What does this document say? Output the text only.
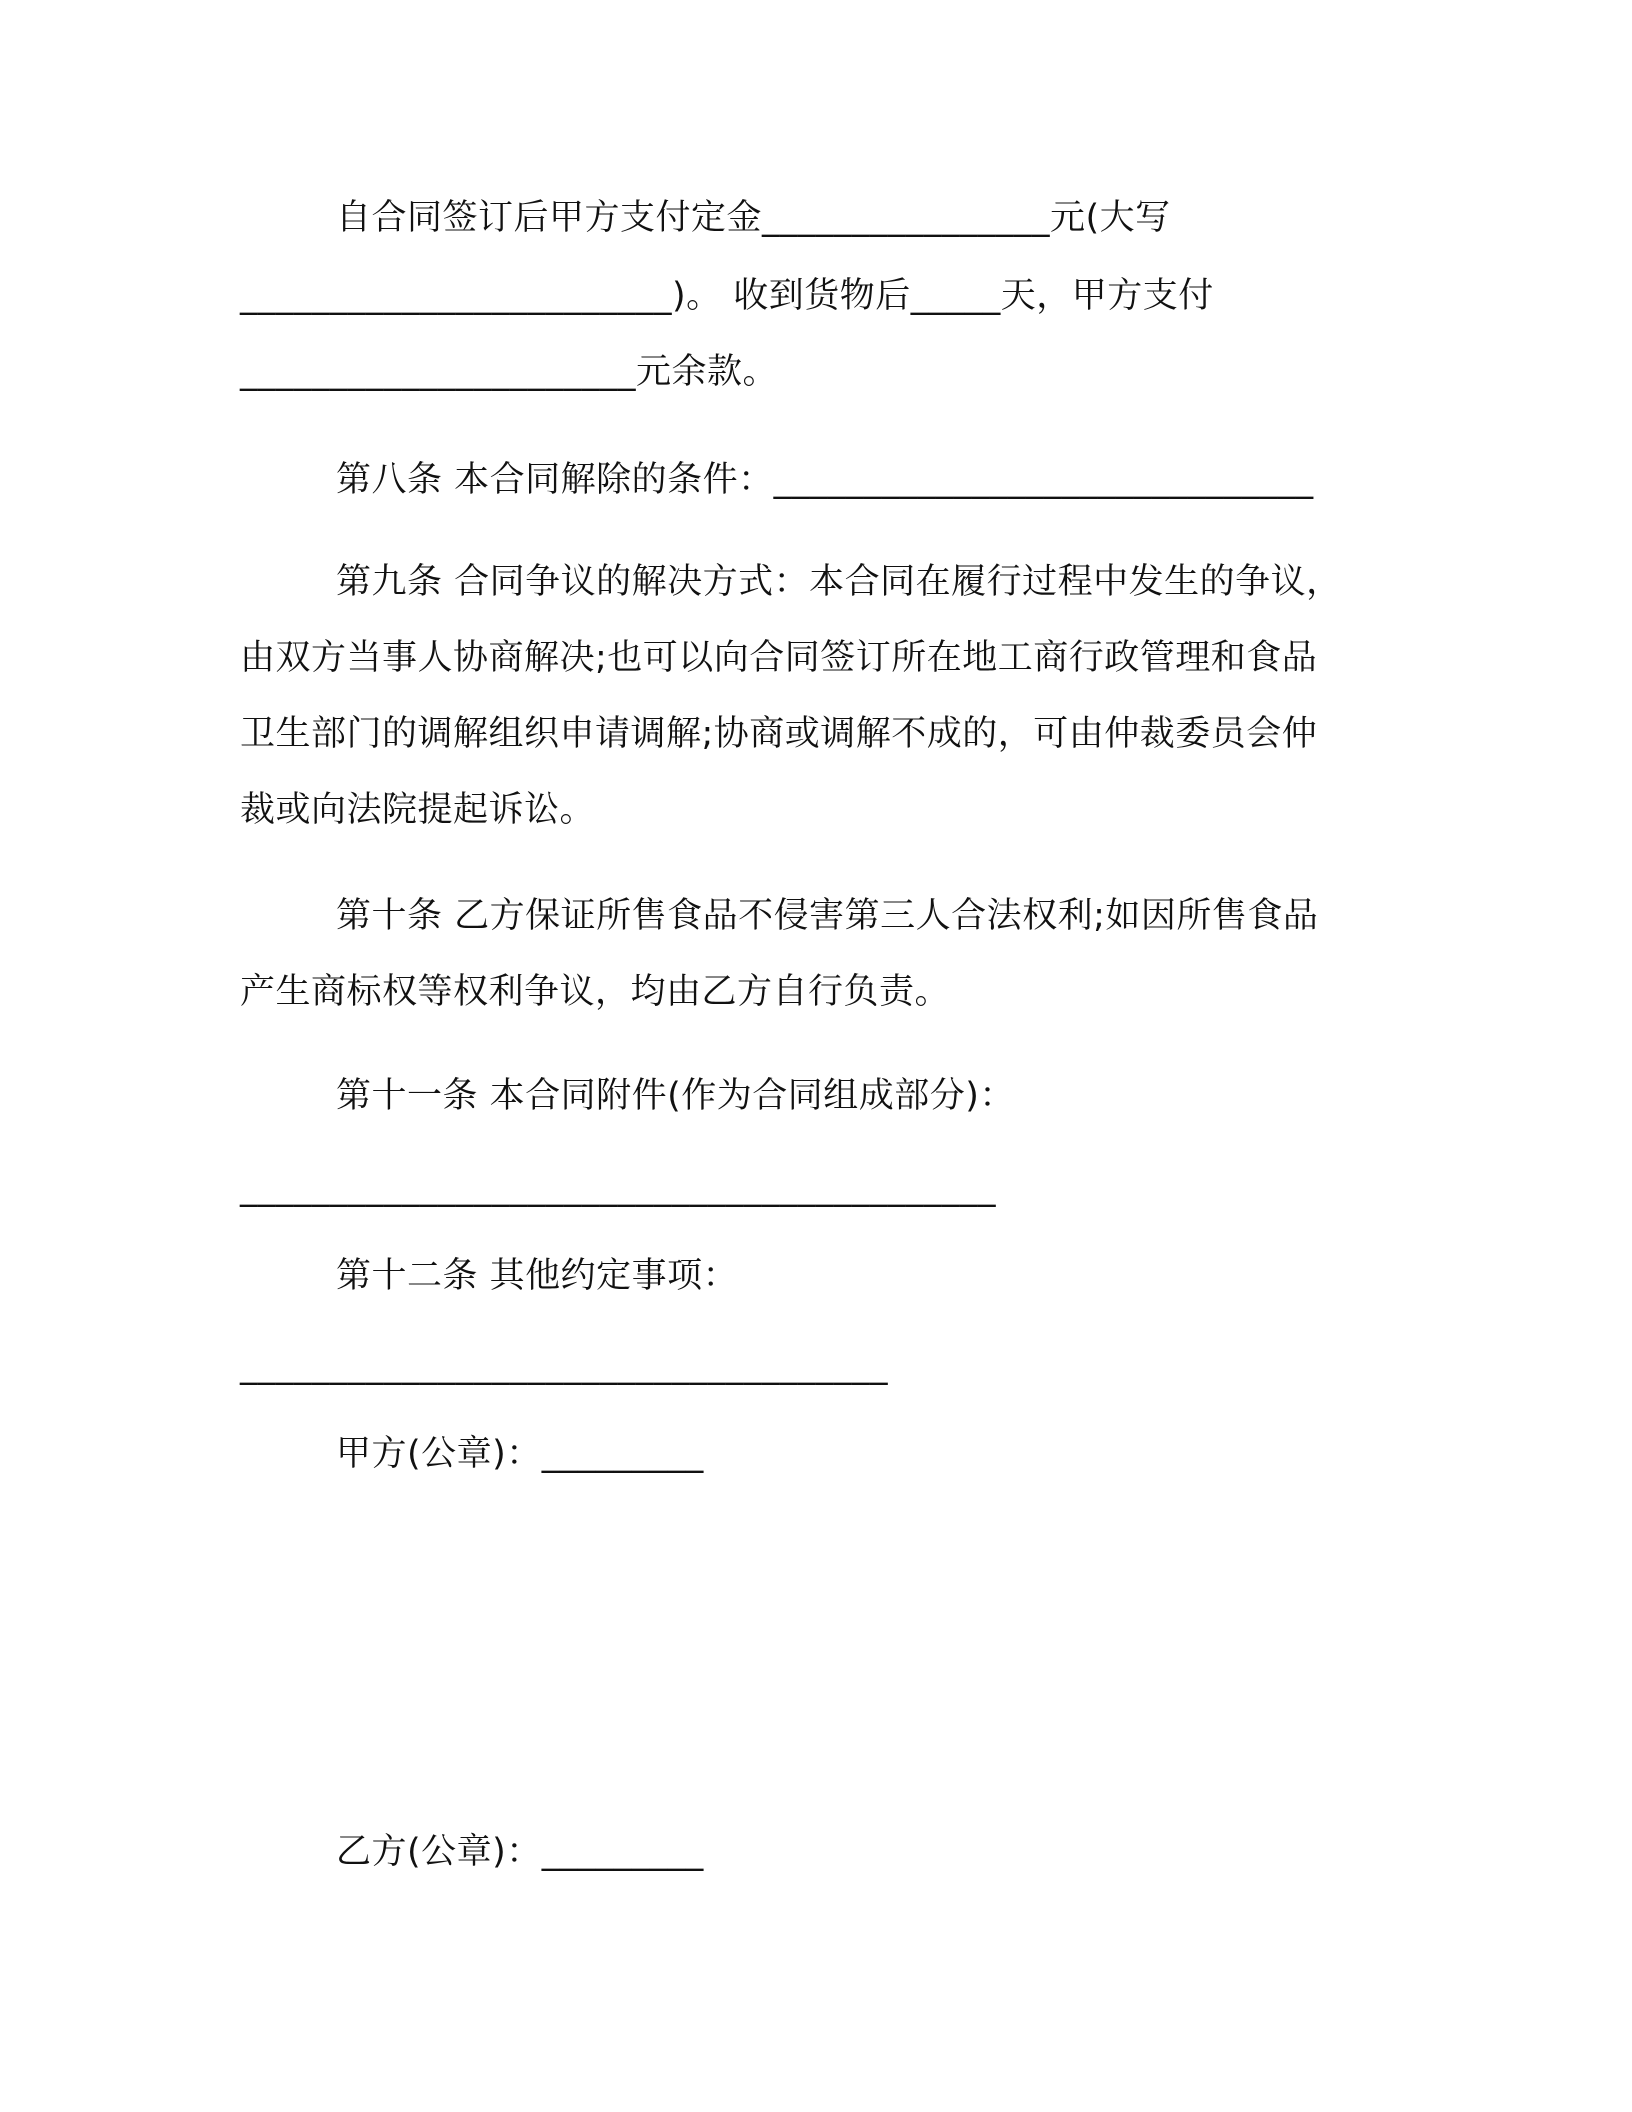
自合同签订后甲方支付定金________________元(大写
________________________)。 收到货物后_____天，甲方支付
______________________元余款。
第八条 本合同解除的条件：______________________________
第九条 合同争议的解决方式：本合同在履行过程中发生的争议，
由双方当事人协商解决;也可以向合同签订所在地工商行政管理和食品
卫生部门的调解组织申请调解;协商或调解不成的，可由仲裁委员会仲
裁或向法院提起诉讼。
第十条 乙方保证所售食品不侵害第三人合法权利;如因所售食品
产生商标权等权利争议，均由乙方自行负责。
第十一条 本合同附件(作为合同组成部分)：
__________________________________________
第十二条 其他约定事项：
____________________________________
甲方(公章)：_________
乙方(公章)：_________
